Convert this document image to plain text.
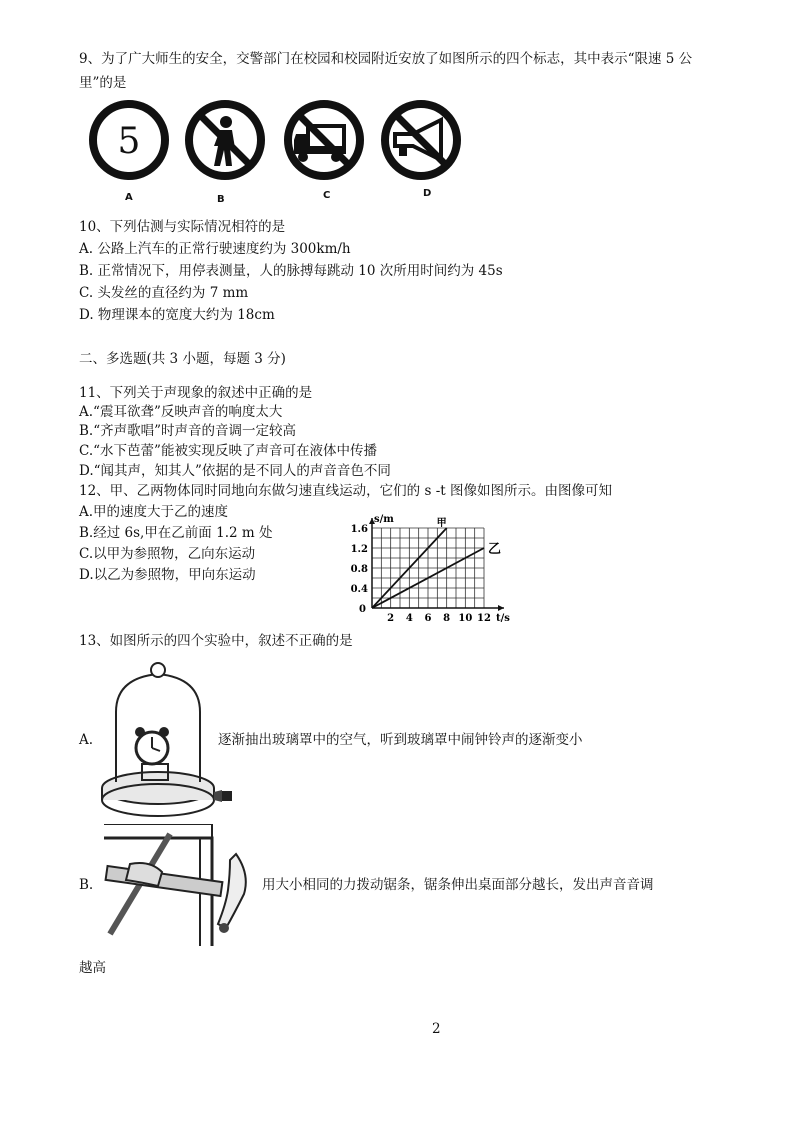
9、为了广大师生的安全，交警部门在校园和校园附近安放了如图所示的四个标志，其中表示“限速 5 公
里”的是
5
A	B	C	D
10、下列估测与实际情况相符的是
A. 公路上汽车的正常行驶速度约为 300km/h
B. 正常情况下，用停表测量，人的脉搏每跳动 10 次所用时间约为 45s
C. 头发丝的直径约为 7 mm
D. 物理课本的宽度大约为 18cm
二、多选题(共 3 小题，每题 3 分)
11、下列关于声现象的叙述中正确的是
A.“震耳欲聋”反映声音的响度太大
B.“齐声歌唱”时声音的音调一定较高
C.“水下芭蕾”能被实现反映了声音可在液体中传播
D.“闻其声，知其人”依据的是不同人的声音音色不同
12、甲、乙两物体同时同地向东做匀速直线运动，它们的 s -t 图像如图所示。由图像可知
A.甲的速度大于乙的速度
B.经过 6s,甲在乙前面 1.2 m 处
C.以甲为参照物，乙向东运动
D.以乙为参照物，甲向东运动
甲
乙
2 4 6 8 10 12
0.4
0.8
1.2
1.6
0
t/s
s/m
13、如图所示的四个实验中，叙述不正确的是
A.	逐渐抽出玻璃罩中的空气，听到玻璃罩中闹钟铃声的逐渐变小
B.	用大小相同的力拨动锯条，锯条伸出桌面部分越长，发出声音音调
越高
2
